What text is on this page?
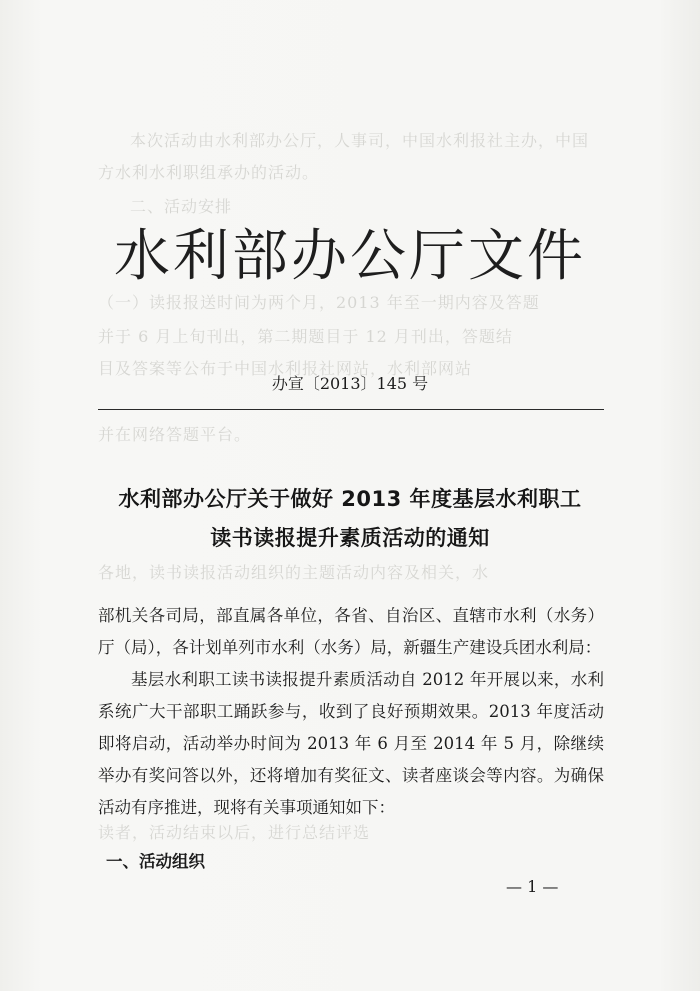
本次活动由水利部办公厅，人事司，中国水利报社主办，中国
方水利水利职组承办的活动。
二、活动安排
（一）读报报送时间为两个月，2013 年至一期内容及答题
并于 6 月上旬刊出，第二期题目于 12 月刊出，答题结
目及答案等公布于中国水利报社网站，水利部网站
并在网络答题平台。
各地，读书读报活动组织的主题活动内容及相关，水
读者，活动结束以后，进行总结评选
水利部办公厅文件
办宣〔2013〕145 号
水利部办公厅关于做好 2013 年度基层水利职工
读书读报提升素质活动的通知
部机关各司局，部直属各单位，各省、自治区、直辖市水利（水务）厅（局），各计划单列市水利（水务）局，新疆生产建设兵团水利局：
基层水利职工读书读报提升素质活动自 2012 年开展以来，水利系统广大干部职工踊跃参与，收到了良好预期效果。2013 年度活动即将启动，活动举办时间为 2013 年 6 月至 2014 年 5 月，除继续举办有奖问答以外，还将增加有奖征文、读者座谈会等内容。为确保活动有序推进，现将有关事项通知如下：
一、活动组织
— 1 —
